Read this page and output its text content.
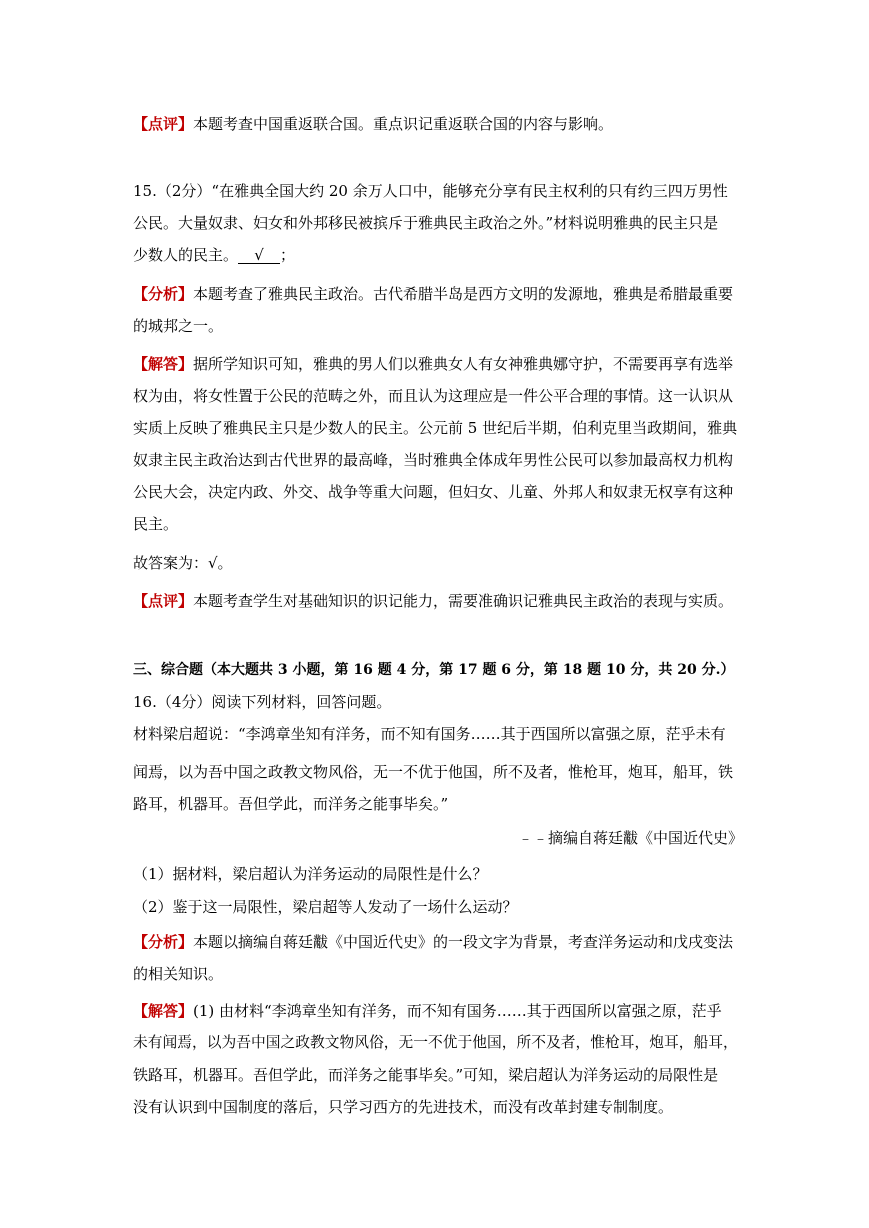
【点评】本题考查中国重返联合国。重点识记重返联合国的内容与影响。
15.（2分）“在雅典全国大约 20 余万人口中，能够充分享有民主权利的只有约三四万男性
公民。大量奴隶、妇女和外邦移民被摈斥于雅典民主政治之外。”材料说明雅典的民主只是
少数人的民主。 √ ；
【分析】本题考查了雅典民主政治。古代希腊半岛是西方文明的发源地，雅典是希腊最重要
的城邦之一。
【解答】据所学知识可知，雅典的男人们以雅典女人有女神雅典娜守护，不需要再享有选举
权为由，将女性置于公民的范畴之外，而且认为这理应是一件公平合理的事情。这一认识从
实质上反映了雅典民主只是少数人的民主。公元前 5 世纪后半期，伯利克里当政期间，雅典
奴隶主民主政治达到古代世界的最高峰，当时雅典全体成年男性公民可以参加最高权力机构
公民大会，决定内政、外交、战争等重大问题，但妇女、儿童、外邦人和奴隶无权享有这种
民主。
故答案为：√。
【点评】本题考查学生对基础知识的识记能力，需要准确识记雅典民主政治的表现与实质。
三、综合题（本大题共 3 小题，第 16 题 4 分，第 17 题 6 分，第 18 题 10 分，共 20 分.）
16.（4分）阅读下列材料，回答问题。
材料梁启超说：“李鸿章坐知有洋务，而不知有国务……其于西国所以富强之原，茫乎未有
闻焉，以为吾中国之政教文物风俗，无一不优于他国，所不及者，惟枪耳，炮耳，船耳，铁
路耳，机器耳。吾但学此，而洋务之能事毕矣。”
﹣﹣摘编自蒋廷黻《中国近代史》
（1）据材料，梁启超认为洋务运动的局限性是什么？
（2）鉴于这一局限性，梁启超等人发动了一场什么运动？
【分析】本题以摘编自蒋廷黻《中国近代史》的一段文字为背景，考查洋务运动和戊戌变法
的相关知识。
【解答】(1) 由材料“李鸿章坐知有洋务，而不知有国务……其于西国所以富强之原，茫乎
未有闻焉，以为吾中国之政教文物风俗，无一不优于他国，所不及者，惟枪耳，炮耳，船耳，
铁路耳，机器耳。吾但学此，而洋务之能事毕矣。”可知，梁启超认为洋务运动的局限性是
没有认识到中国制度的落后，只学习西方的先进技术，而没有改革封建专制制度。
